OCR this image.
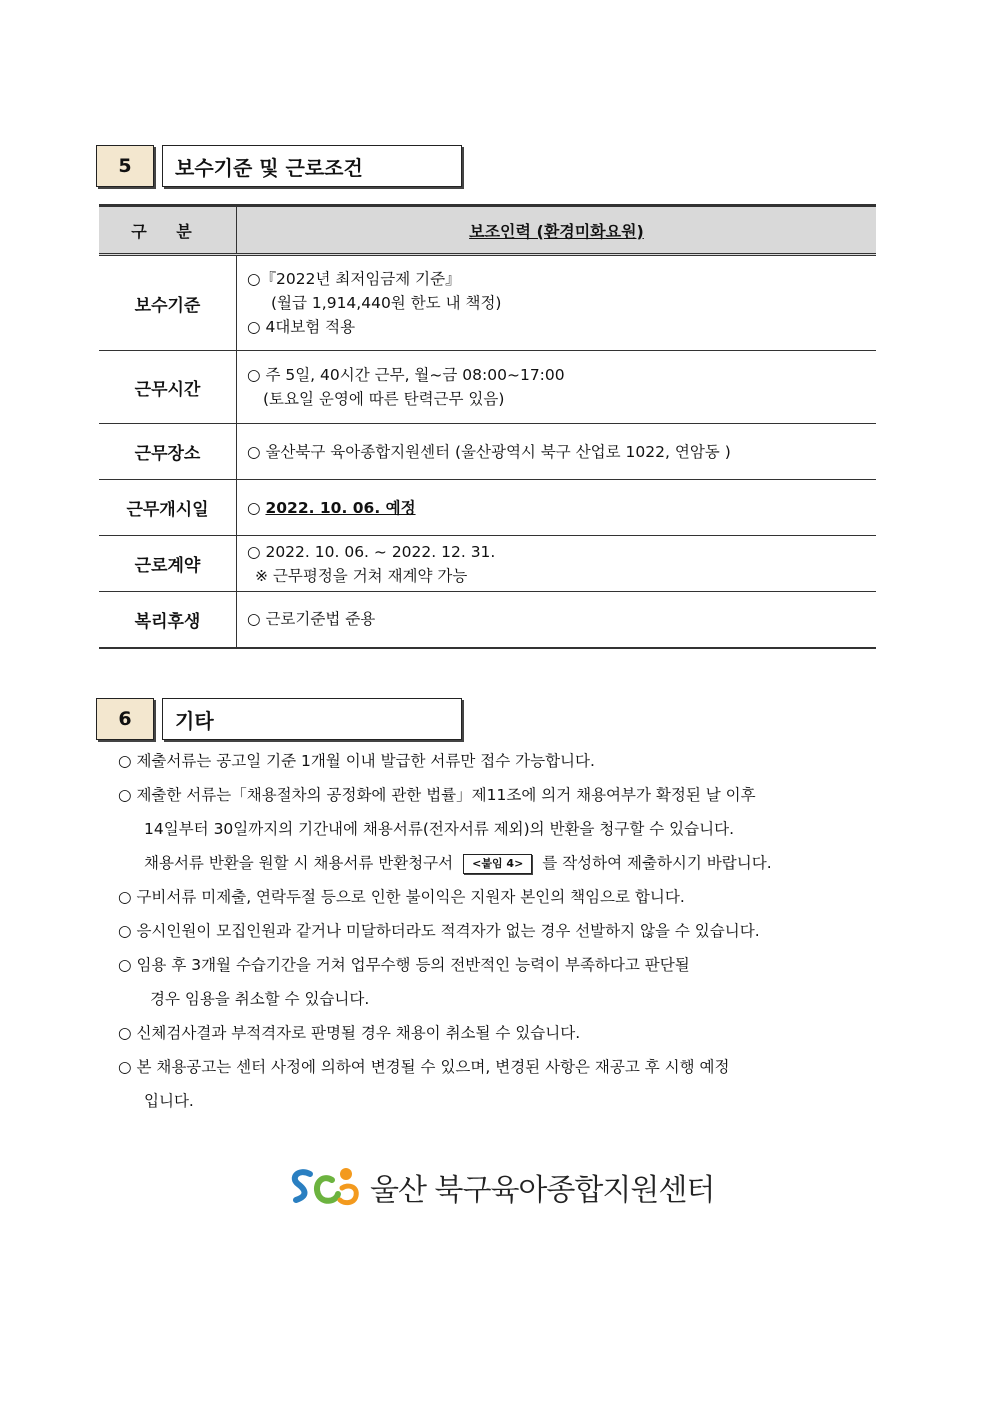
5	보수기준 및 근로조건
구 분	보조인력 (환경미화요원)
보수기준	○『2022년 최저임금제 기준』
(월급 1,914,440원 한도 내 책정)
○ 4대보험 적용

근무시간	○ 주 5일, 40시간 근무, 월~금 08:00~17:00
(토요일 운영에 따른 탄력근무 있음)

근무장소	○ 울산북구 육아종합지원센터 (울산광역시 북구 산업로 1022, 연암동 )

근무개시일	○ 2022. 10. 06. 예정
근로계약	○ 2022. 10. 06. ~ 2022. 12. 31.
※ 근무평정을 거쳐 재계약 가능

복리후생	○ 근로기준법 준용
6	기타
○ 제출서류는 공고일 기준 1개월 이내 발급한 서류만 접수 가능합니다.
○ 제출한 서류는「채용절차의 공정화에 관한 법률」제11조에 의거 채용여부가 확정된 날 이후
14일부터 30일까지의 기간내에 채용서류(전자서류 제외)의 반환을 청구할 수 있습니다.
채용서류 반환을 원할 시 채용서류 반환청구서 <붙임 4> 를 작성하여 제출하시기 바랍니다.
○ 구비서류 미제출, 연락두절 등으로 인한 불이익은 지원자 본인의 책임으로 합니다.
○ 응시인원이 모집인원과 같거나 미달하더라도 적격자가 없는 경우 선발하지 않을 수 있습니다.
○ 임용 후 3개월 수습기간을 거쳐 업무수행 등의 전반적인 능력이 부족하다고 판단될
경우 임용을 취소할 수 있습니다.
○ 신체검사결과 부적격자로 판명될 경우 채용이 취소될 수 있습니다.
○ 본 채용공고는 센터 사정에 의하여 변경될 수 있으며, 변경된 사항은 재공고 후 시행 예정
입니다.
울산 북구육아종합지원센터
